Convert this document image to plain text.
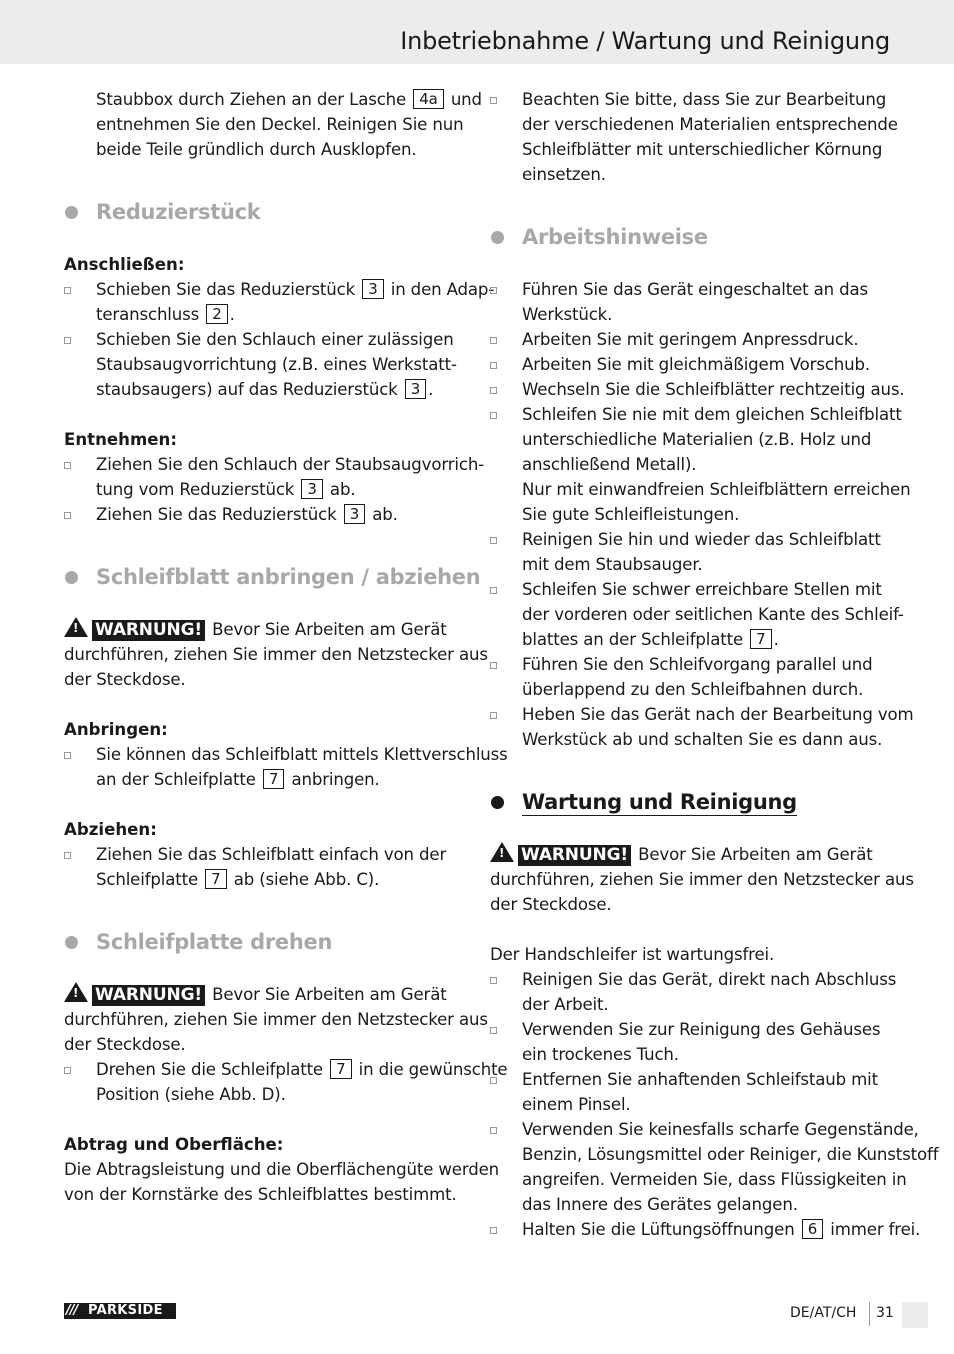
Inbetriebnahme / Wartung und Reinigung

Staubbox durch Ziehen an der Lasche 4a und
entnehmen Sie den Deckel. Reinigen Sie nun
beide Teile gründlich durch Ausklopfen.

Reduzierstück

Anschließen:

Schieben Sie das Reduzierstück 3 in den Adap-
teranschluss 2 .

Schieben Sie den Schlauch einer zulässigen
Staubsaugvorrichtung (z.B. eines Werkstatt-
staubsaugers) auf das Reduzierstück 3 .

Entnehmen:

Ziehen Sie den Schlauch der Staubsaugvorrich-
tung vom Reduzierstück 3 ab.

Ziehen Sie das Reduzierstück 3 ab.

Schleifblatt anbringen / abziehen

! WARNUNG! Bevor Sie Arbeiten am Gerät
durchführen, ziehen Sie immer den Netzstecker aus
der Steckdose.

Anbringen:

Sie können das Schleifblatt mittels Klettverschluss
an der Schleifplatte 7 anbringen.

Abziehen:

Ziehen Sie das Schleifblatt einfach von der
Schleifplatte 7 ab (siehe Abb. C).

Schleifplatte drehen

! WARNUNG! Bevor Sie Arbeiten am Gerät
durchführen, ziehen Sie immer den Netzstecker aus
der Steckdose.

Drehen Sie die Schleifplatte 7 in die gewünschte
Position (siehe Abb. D).

Abtrag und Oberfläche:

Die Abtragsleistung und die Oberflächengüte werden
von der Kornstärke des Schleifblattes bestimmt.

Beachten Sie bitte, dass Sie zur Bearbeitung
der verschiedenen Materialien entsprechende
Schleifblätter mit unterschiedlicher Körnung
einsetzen.

Arbeitshinweise

Führen Sie das Gerät eingeschaltet an das
Werkstück.

Arbeiten Sie mit geringem Anpressdruck.

Arbeiten Sie mit gleichmäßigem Vorschub.

Wechseln Sie die Schleifblätter rechtzeitig aus.

Schleifen Sie nie mit dem gleichen Schleifblatt
unterschiedliche Materialien (z.B. Holz und
anschließend Metall).
Nur mit einwandfreien Schleifblättern erreichen
Sie gute Schleifleistungen.

Reinigen Sie hin und wieder das Schleifblatt
mit dem Staubsauger.

Schleifen Sie schwer erreichbare Stellen mit
der vorderen oder seitlichen Kante des Schleif-
blattes an der Schleifplatte 7 .

Führen Sie den Schleifvorgang parallel und
überlappend zu den Schleifbahnen durch.

Heben Sie das Gerät nach der Bearbeitung vom
Werkstück ab und schalten Sie es dann aus.

Wartung und Reinigung

! WARNUNG! Bevor Sie Arbeiten am Gerät
durchführen, ziehen Sie immer den Netzstecker aus
der Steckdose.

Der Handschleifer ist wartungsfrei.

Reinigen Sie das Gerät, direkt nach Abschluss
der Arbeit.

Verwenden Sie zur Reinigung des Gehäuses
ein trockenes Tuch.

Entfernen Sie anhaftenden Schleifstaub mit
einem Pinsel.

Verwenden Sie keinesfalls scharfe Gegenstände,
Benzin, Lösungsmittel oder Reiniger, die Kunststoff
angreifen. Vermeiden Sie, dass Flüssigkeiten in
das Innere des Gerätes gelangen.

Halten Sie die Lüftungsöffnungen 6 immer frei.

/// PARKSIDE	DE/AT/CH 31
